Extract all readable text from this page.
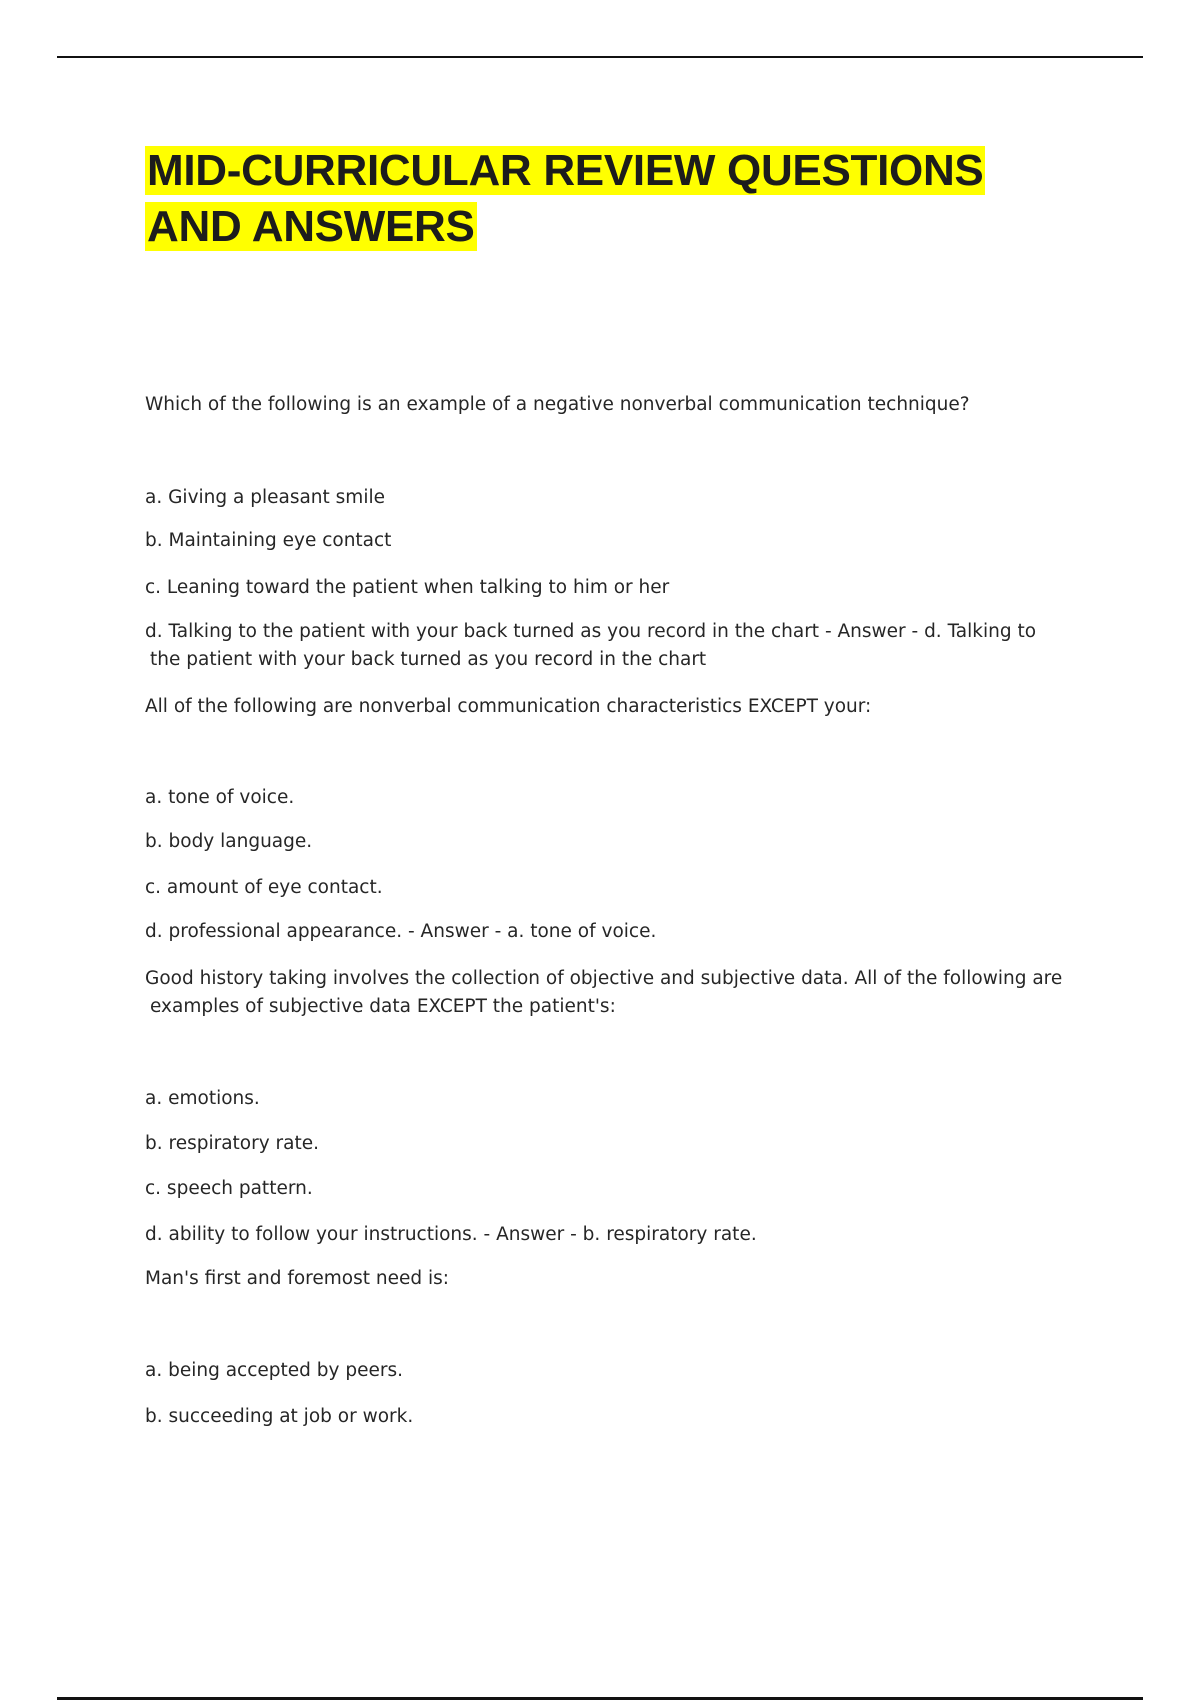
MID-CURRICULAR REVIEW QUESTIONS AND ANSWERS
Which of the following is an example of a negative nonverbal communication technique?
a. Giving a pleasant smile
b. Maintaining eye contact
c. Leaning toward the patient when talking to him or her
d. Talking to the patient with your back turned as you record in the chart - Answer - d. Talking to
the patient with your back turned as you record in the chart
All of the following are nonverbal communication characteristics EXCEPT your:
a. tone of voice.
b. body language.
c. amount of eye contact.
d. professional appearance. - Answer - a. tone of voice.
Good history taking involves the collection of objective and subjective data. All of the following are
examples of subjective data EXCEPT the patient's:
a. emotions.
b. respiratory rate.
c. speech pattern.
d. ability to follow your instructions. - Answer - b. respiratory rate.
Man's first and foremost need is:
a. being accepted by peers.
b. succeeding at job or work.
